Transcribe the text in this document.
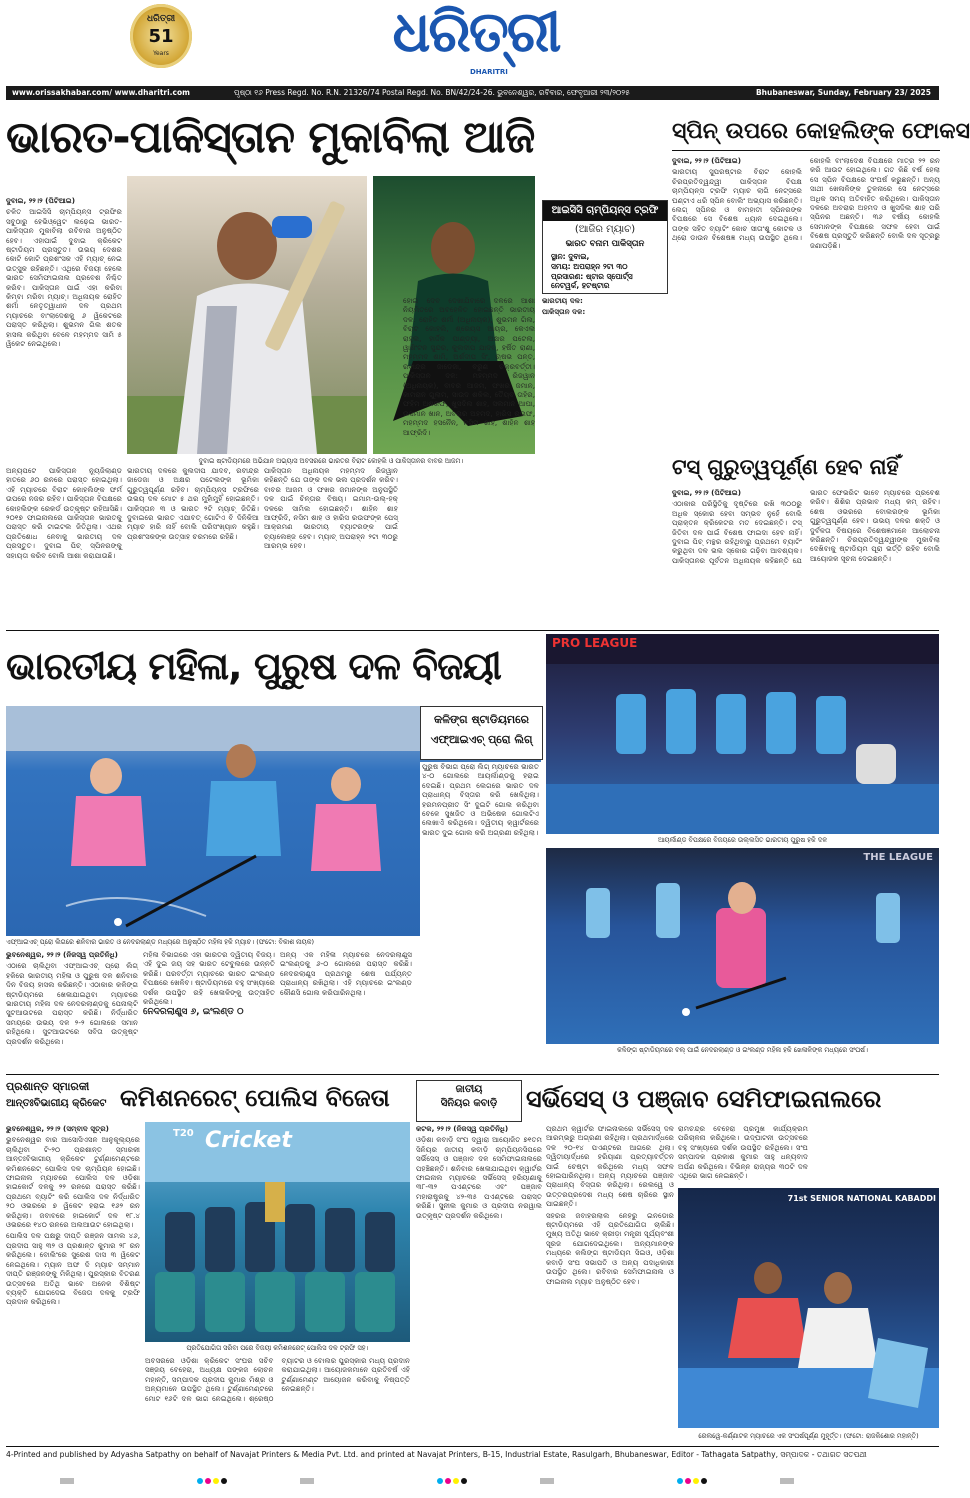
ଧରିତ୍ରୀ
51
Years	ଧରିତ୍ରୀ
DHARITRI
www.orissakhabar.com/ www.dharitri.com	ପୃଷ୍ଠା ୧୬ Press Regd. No. R.N. 21326/74 Postal Regd. No. BN/42/24-26. ଭୁବନେଶ୍ୱର, ରବିବାର, ଫେବୃଆରୀ ୨୩/୨୦୨୫	Bhubaneswar, Sunday, February 23/ 2025
ଭାରତ-ପାକିସ୍ତାନ ମୁକାବିଲା ଆଜି

ଦୁବାଇ, ୨୨।୨ (ପିଟିଆଇ)

ଚଳିତ ଆଇସିସି ଚାମ୍ପିୟନ୍ସ ଟ୍ରଫିର ସବୁଠାରୁ ହେଭିଓ୍ୱେଟ ଲଢ଼େଇ ଭାରତ-ପାକିସ୍ତାନ ମୁକାବିଲା ରବିବାର ଅନୁଷ୍ଠିତ ହେବ। ଏହାପାଇଁ ଦୁବାଇ କ୍ରିକେଟ ଷ୍ଟାଡିୟମ ପ୍ରସ୍ତୁତ। ଉଭୟ ଦେଶର କୋଟି କୋଟି ପ୍ରଶଂସକ ଏହି ମ୍ୟାଚ୍ ନେଇ ଉତ୍ସୁକ ରହିଛନ୍ତି। ଏଥିରେ ବିଜୟୀ ହେଲେ ଭାରତ ସେମିଫାଇନାଲ ପ୍ରବେଶ ନିଶ୍ଚିତ କରିବ। ପାକିସ୍ତାନ ପାଇଁ ଏହା କରିବା କିମ୍ବା ମରିବା ମ୍ୟାଚ୍। ଅଧିନାୟକ ରୋହିତ ଶର୍ମା ନେତୃତ୍ୱାଧୀନ ଦଳ ପ୍ରଥମ ମ୍ୟାଚରେ ବାଂଲାଦେଶକୁ ୬ ୱିକେଟରେ ପରାସ୍ତ କରିଥିଲା। ଶୁଭମନ ଗିଲ ଶତକ ହାସଲ କରିଥିବା ବେଳେ ମହମ୍ମଦ ସାମି ୫ ୱିକେଟ ନେଇଥିଲେ।

ଦୁବାଇ ଷ୍ଟାଡିୟମରେ ଅଭିଯାନ ଅଭ୍ୟାସ ଅବସରରେ ଭାରତର ବିରାଟ କୋହଲି ଓ ପାକିସ୍ତାନର ବାବର ଆଜମ।
ଆଇସିସି ଚାମ୍ପିୟନ୍ସ ଟ୍ରଫି
(ଆଜିର ମ୍ୟାଚ)
ଭାରତ ବନାମ ପାକିସ୍ତାନ
ସ୍ଥାନ: ଦୁବାଇ,
ସମୟ: ଅପରାହ୍ନ ୨ଟା ୩୦
ପ୍ରସାରଣ: ଷ୍ଟାର ସ୍ପୋର୍ଟ୍ସ ନେଟୱର୍କ, ହଟଷ୍ଟାର

ଅନ୍ୟପଟେ ପାକିସ୍ତାନ ନ୍ୟୁଜିଲାଣ୍ଡ ହାତରେ ୬୦ ରନରେ ପରାସ୍ତ ହୋଇଥିଲା। ଏହି ମ୍ୟାଚରେ ବିରାଟ କୋହଲିଙ୍କ ଫର୍ମ ଉପରେ ନଜର ରହିବ। ପାକିସ୍ତାନ ବିପକ୍ଷରେ କୋହଲିଙ୍କ ରେକର୍ଡ ଉତ୍କୃଷ୍ଟ ରହିଆସିଛି। ୨୦୧୭ ଫାଇନାଲରେ ପାକିସ୍ତାନ ଭାରତକୁ ପରାସ୍ତ କରି ଟାଇଟଲ ଜିତିଥିଲା। ଏଥର ପ୍ରତିଶୋଧ ନେବାକୁ ଭାରତୀୟ ଦଳ ପ୍ରସ୍ତୁତ। ଦୁବାଇ ପିଚ୍ ସ୍ପିନରଙ୍କୁ ସହାୟତା କରିବ ବୋଲି ଆଶା କରାଯାଉଛି।

ଭାରତୀୟ ଦଳରେ କୁଲଦୀପ ଯାଦବ, ରବୀନ୍ଦ୍ର ଜାଡେଜା ଓ ଅକ୍ଷର ପଟେଲଙ୍କ ଭୂମିକା ଗୁରୁତ୍ୱପୂର୍ଣ୍ଣ ରହିବ। ଚାମ୍ପିୟନ୍ସ ଟ୍ରଫିରେ ଉଭୟ ଦଳ ମୋଟ ୫ ଥର ମୁହାଁମୁହିଁ ହୋଇଛନ୍ତି। ପାକିସ୍ତାନ ୩ ଓ ଭାରତ ୨ଟି ମ୍ୟାଚ୍ ଜିତିଛି। ଦୁବାଇରେ ଭାରତ ଏଯାବତ୍ ଗୋଟିଏ ବି ଦିନିକିଆ ମ୍ୟାଚ ହାରି ନାହିଁ ବୋଲି ପରିସଂଖ୍ୟାନ କହୁଛି। ପ୍ରଶଂସକଙ୍କ ଉତ୍ସାହ ଚରମରେ ରହିଛି।

ପାକିସ୍ତାନ ଅଧିନାୟକ ମହମ୍ମଦ ରିଜୱାନ କହିଛନ୍ତି ଯେ ତାଙ୍କ ଦଳ ଭଲ ପ୍ରଦର୍ଶନ କରିବ। ବାବର ଆଜମ ଓ ଫଖର ଜମାନଙ୍କ ଅନୁପସ୍ଥିତି ଦଳ ପାଇଁ ଚିନ୍ତାର ବିଷୟ। ଇମାମ-ଉଲ୍-ହକ୍ ଦଳରେ ସାମିଲ ହୋଇଛନ୍ତି। ଶାହିନ ଶାହ ଆଫ୍ରିଦି, ନସିମ ଶାହ ଓ ହାରିସ ରଉଫଙ୍କ ପେସ୍ ଆକ୍ରମଣ ଭାରତୀୟ ବ୍ୟାଟରଙ୍କ ପାଇଁ ଚ୍ୟାଲେଞ୍ଜ ହେବ। ମ୍ୟାଚ୍ ଅପରାହ୍ନ ୨ଟା ୩୦ରୁ ଆରମ୍ଭ ହେବ।

ହୋଇ ଦେବ ଦେଖାଯିବାରେ ଦଳରେ ଆଶା ନିୟମିତରେ ଅବହେଳିତ ହୋଇଛନ୍ତି ଭାରତୀୟ ଦଳ: ରୋହିତ ଶର୍ମା (ଅଧିନାୟକ), ଶୁଭମନ ଗିଲ, ବିରାଟ କୋହଲି, ଶ୍ରେୟସ ଆୟର, କେଏଲ ରାହୁଲ, ହାର୍ଦ୍ଦିକ ପାଣ୍ଡ୍ୟା, ଅକ୍ଷର ପଟେଲ, ୱାଶିଂଟନ ସୁନ୍ଦର, କୁଲଦୀପ ଯାଦବ, ହର୍ଷିତ ରାଣା, ମହମ୍ମଦ ଶାମି, ଅର୍ଶଦୀପ ସିଂ, ଋଷଭ ପନ୍ତ, ରବୀନ୍ଦ୍ର ଜାଡେଜା, ବରୁଣ ଚକ୍ରବର୍ତ୍ତୀ। ପାକିସ୍ତାନ ଦଳ: ମହମ୍ମଦ ରିଜୱାନ (ଅଧିନାୟକ), ବାବର ଆଜମ, ଫଖର ଜମାନ, କାମରାନ ଗୁଲାମ, ସାଉଦ ଶକିଲ, ତୈୟବ ତାହିର, ଫହିମ ଅଶରଫ, ଖୁସଦିଲ ଶାହ, ସଲମାନ ଆଘା, ଉସମାନ ଖାନ, ଅବରାର ଅହମଦ, ହାରିସ ରଉଫ, ମହମ୍ମଦ ହସନୈନ, ନସିମ ଶାହ, ଶାହିନ ଶାହ ଆଫ୍ରିଦି।

ଭାରତୀୟ ଦଳ:

ପାକିସ୍ତାନ ଦଳ:

ସ୍ପିନ୍ ଉପରେ କୋହଲିଙ୍କ ଫୋକସ

ଦୁବାଇ, ୨୨।୨ (ପିଟିଆଇ)

ଭାରତୀୟ ସୁପରଷ୍ଟାର ବିରାଟ କୋହଲି ଚିରପ୍ରତିଦ୍ୱନ୍ଦ୍ୱୀ ପାକିସ୍ତାନ ବିପକ୍ଷ ଚାମ୍ପିୟନ୍ସ ଟ୍ରଫି ମ୍ୟାଚ ଲାଗି ନେଟ୍ସରେ ଘଣ୍ଟାଏ ଧରି ସ୍ପିନ ବୋଲିଂ ଅଭ୍ୟାସ କରିଛନ୍ତି। ଲେଗ୍ ସ୍ପିନର ଓ ବାମହାତୀ ସ୍ପିନରଙ୍କ ବିପକ୍ଷରେ ସେ ବିଶେଷ ଧ୍ୟାନ ଦେଇଥିଲେ। ତାଙ୍କ ସହିତ ବ୍ୟାଟିଂ କୋଚ ସୀତାଂଶୁ କୋଟକ ଓ ଥ୍ରୋ ଡାଉନ ବିଶେଷଜ୍ଞ ମଧ୍ୟ ଉପସ୍ଥିତ ଥିଲେ। କୋହଲି ବାଂଲାଦେଶ ବିପକ୍ଷରେ ମାତ୍ର ୨୨ ରନ କରି ଆଉଟ ହୋଇଥିଲେ। ଗତ କିଛି ବର୍ଷ ହେଲା ସେ ସ୍ପିନ ବିପକ୍ଷରେ ସଂଘର୍ଷ କରୁଛନ୍ତି। ଅନ୍ୟ ସାଥୀ ଖେଳାଳିଙ୍କ ତୁଳନାରେ ସେ ନେଟ୍ସରେ ଅଧିକ ସମୟ ଅତିବାହିତ କରିଥିଲେ। ପାକିସ୍ତାନ ଦଳରେ ଅବରାର ଅହମଦ ଓ ଖୁସଦିଲ ଶାହ ପରି ସ୍ପିନର ଅଛନ୍ତି। ୩୬ ବର୍ଷୀୟ କୋହଲି ସେମାନଙ୍କ ବିପକ୍ଷରେ ସଫଳ ହେବା ପାଇଁ ବିଶେଷ ପ୍ରସ୍ତୁତି କରିଛନ୍ତି ବୋଲି ଦଳ ସୂତ୍ରରୁ ଜଣାପଡ଼ିଛି।

ଟସ୍ ଗୁରୁତ୍ୱପୂର୍ଣ୍ଣ ହେବ ନାହିଁ

ଦୁବାଇ, ୨୨।୨ (ପିଟିଆଇ)

ଏଠାକାର ପରିସ୍ଥିତିକୁ ଦୃଷ୍ଟିରେ ରଖି ୩୦୦ରୁ ଅଧିକ ସ୍କୋର ହେବା ସମ୍ଭବ ନୁହେଁ ବୋଲି ପ୍ରାକ୍ତନ କ୍ରିକେଟର ମତ ଦେଇଛନ୍ତି। ଟସ୍ ଜିତିବା ଦଳ ପାଇଁ ବିଶେଷ ଫାଇଦା ହେବ ନାହିଁ। ଦୁବାଇ ପିଚ୍ ମନ୍ଥର ରହିଥିବାରୁ ପ୍ରଥମେ ବ୍ୟାଟିଂ କରୁଥିବା ଦଳ ଭଲ ସ୍କୋର ଗଢ଼ିବା ଆବଶ୍ୟକ। ପାକିସ୍ତାନର ପୂର୍ବତନ ଅଧିନାୟକ କହିଛନ୍ତି ଯେ ଭାରତ ଫେଭରିଟ ଭାବେ ମ୍ୟାଚରେ ପ୍ରବେଶ କରିବ। ଶିଶିର ପ୍ରଭାବ ମଧ୍ୟ କମ୍ ରହିବ। ଶେଷ ଓଭରରେ ବୋଲରଙ୍କ ଭୂମିକା ଗୁରୁତ୍ୱପୂର୍ଣ୍ଣ ହେବ। ଉଭୟ ଦଳର ଶକ୍ତି ଓ ଦୁର୍ବଳତା ବିଷୟରେ ବିଶେଷଜ୍ଞମାନେ ଆଲୋଚନା କରିଛନ୍ତି। ଚିରପ୍ରତିଦ୍ୱନ୍ଦ୍ୱୀଙ୍କ ମୁକାବିଲା ଦେଖିବାକୁ ଷ୍ଟାଡିୟମ ପୂରା ଭର୍ତ୍ତି ରହିବ ବୋଲି ଆୟୋଜକ ସୂଚନା ଦେଇଛନ୍ତି।

ଭାରତୀୟ ମହିଳା, ପୁରୁଷ ଦଳ ବିଜୟୀ
କଳିଙ୍ଗ ଷ୍ଟାଡିୟମରେ
ଏଫ୍ଆଇଏଚ୍ ପ୍ରୋ ଲିଗ୍

ପୁରୁଷ ବିଭାଗ ପ୍ରୋ ଲିଗ୍ ମ୍ୟାଚରେ ଭାରତ ୪-୦ ଗୋଲରେ ଆୟର୍ଲାଣ୍ଡକୁ ହରାଇ ଦେଇଛି। ପ୍ରଥମ ଲେଗରେ ଭାରତ ଦଳ ପ୍ରାଧାନ୍ୟ ବିସ୍ତାର କରି ଖେଳିଥିଲା। ହରମନପ୍ରୀତ ସିଂ ଦୁଇଟି ଗୋଲ କରିଥିବା ବେଳେ ସୁଖଜିତ ଓ ଅଭିଷେକ ଗୋଲଟିଏ ଲେଖାଏଁ କରିଥିଲେ। ଦ୍ୱିତୀୟ କ୍ୱାର୍ଟରରେ ଭାରତ ଦୁଇ ଗୋଲ କରି ଅଗ୍ରଣୀ ରହିଥିଲା।

ଏଫ୍ଆଇଏଚ୍ ପ୍ରୋ ଲିଗରେ ଶନିବାର ଭାରତ ଓ ନେଦରଲାଣ୍ଡ ମଧ୍ୟରେ ଅନୁଷ୍ଠିତ ମହିଳା ହକି ମ୍ୟାଚ। (ଫଟୋ: ବିକାଶ ନାୟକ)

ଭୁବନେଶ୍ୱର, ୨୨।୨ (ନିଜସ୍ୱ ପ୍ରତିନିଧି)

ଏଠାରେ ଚାଲିଥିବା ଏଫ୍ଆଇଏଚ୍ ପ୍ରୋ ଲିଗ୍ ହକିରେ ଭାରତୀୟ ମହିଳା ଓ ପୁରୁଷ ଦଳ ଶନିବାର ଦିନ ବିଜୟ ହାସଲ କରିଛନ୍ତି। ଏଠାକାର କଳିଙ୍ଗ ଷ୍ଟାଡିୟମରେ ଖେଳାଯାଇଥିବା ମ୍ୟାଚରେ ଭାରତୀୟ ମହିଳା ଦଳ ନେଦରଲାଣ୍ଡକୁ ପେନାଲ୍ଟି ସୁଟଆଉଟରେ ପରାସ୍ତ କରିଛି। ନିର୍ଦ୍ଧାରିତ ସମୟରେ ଉଭୟ ଦଳ ୨-୨ ଗୋଲରେ ସମାନ ରହିଥିଲେ। ସୁଟଆଉଟରେ ସବିତା ଉତ୍କୃଷ୍ଟ ପ୍ରଦର୍ଶନ କରିଥିଲେ।

ମହିଳା ବିଭାଗରେ ଏହା ଭାରତର ଦ୍ୱିତୀୟ ବିଜୟ। ଏହି ଦୁଇ ଜୟ ସହ ଭାରତ ଟେବୁଲରେ ଉନ୍ନତି କରିଛି। ପରବର୍ତ୍ତୀ ମ୍ୟାଚରେ ଭାରତ ଇଂଲଣ୍ଡ ବିପକ୍ଷରେ ଖେଳିବ। ଷ୍ଟାଡିୟମରେ ବହୁ ସଂଖ୍ୟାରେ ଦର୍ଶକ ଉପସ୍ଥିତ ରହି ଖେଳାଳିଙ୍କୁ ଉତ୍ସାହିତ କରିଥିଲେ।

ନେଦରଲାଣ୍ଡ୍ସ ୬, ଇଂଲଣ୍ଡ ୦

ଅନ୍ୟ ଏକ ମହିଳା ମ୍ୟାଚରେ ନେଦରଲାଣ୍ଡ୍ସ ଇଂଲଣ୍ଡକୁ ୬-୦ ଗୋଲରେ ପରାସ୍ତ କରିଛି। ନେଦରଲାଣ୍ଡ୍ସ ପ୍ରଥମରୁ ଶେଷ ପର୍ଯ୍ୟନ୍ତ ପ୍ରାଧାନ୍ୟ ରଖିଥିଲା। ଏହି ମ୍ୟାଚରେ ଇଂଲଣ୍ଡ କୌଣସି ଗୋଲ କରିପାରିନଥିଲା।

PRO LEAGUE
ଆୟର୍ଲାଣ୍ଡ ବିପକ୍ଷରେ ବିଜୟରେ ଉଲ୍ଲସିତ ଭାରତୀୟ ପୁରୁଷ ହକି ଦଳ
THE LEAGUE
କଳିଙ୍ଗ ଷ୍ଟାଡିୟମରେ ବଲ୍ ପାଇଁ ନେଦରଲାଣ୍ଡ ଓ ଇଂଲଣ୍ଡ ମହିଳା ହକି ଖେଳାଳିଙ୍କ ମଧ୍ୟରେ ସଂଘର୍ଷ।
ପ୍ରଶାନ୍ତ ସ୍ମାରକୀ
ଆନ୍ତଃବିଭାଗୀୟ କ୍ରିକେଟ କମିଶନରେଟ୍ ପୋଲିସ ବିଜେତା

ଭୁବନେଶ୍ୱର, ୨୨।୨ (ସମ୍ବାଦ ସୂତ୍ର)

ଭୁବନେଶ୍ୱର ବାର ଆସୋସିଏସନ ଆନୁକୂଲ୍ୟରେ ଚାଲିଥିବା ଟି-୨୦ ପ୍ରଶାନ୍ତ ସ୍ମାରକୀ ଆନ୍ତଃବିଭାଗୀୟ କ୍ରିକେଟ ଟୁର୍ଣ୍ଣାମେଣ୍ଟରେ କମିଶନରେଟ୍ ପୋଲିସ ଦଳ ଚାମ୍ପିୟନ ହୋଇଛି। ଫାଇନାଲ ମ୍ୟାଚରେ ପୋଲିସ ଦଳ ଓଡ଼ିଶା ହାଇକୋର୍ଟ ଦଳକୁ ୨୨ ରନରେ ପରାସ୍ତ କରିଛି। ପ୍ରଥମେ ବ୍ୟାଟିଂ କରି ପୋଲିସ ଦଳ ନିର୍ଦ୍ଧାରିତ ୨୦ ଓଭରରେ ୭ ୱିକେଟ ହରାଇ ୧୬୨ ରନ କରିଥିଲା। ଜବାବରେ ହାଇକୋର୍ଟ ଦଳ ୧୮.୪ ଓଭରରେ ୧୪୦ ରନରେ ଅଲଆଉଟ ହୋଇଥିଲା।

ପୋଲିସ ଦଳ ପକ୍ଷରୁ ଦୀପ୍ତି ରଞ୍ଜନ ସାମଲ ୪୬, ପ୍ରଦୀପ ସାହୁ ୩୨ ଓ ପ୍ରଶାନ୍ତ କୁମାର ୨୮ ରନ କରିଥିଲେ। ବୋଲିଂରେ ସୁରେଶ ଦାସ ୩ ୱିକେଟ ନେଇଥିଲେ। ମ୍ୟାନ ଅଫ ଦି ମ୍ୟାଚ ସମ୍ମାନ ଦୀପ୍ତି ରଞ୍ଜନଙ୍କୁ ମିଳିଥିଲା। ପୁରସ୍କାର ବିତରଣ ଉତ୍ସବରେ ଅତିଥି ଭାବେ ଅନେକ ବିଶିଷ୍ଟ ବ୍ୟକ୍ତି ଯୋଗଦେଇ ବିଜେତା ଦଳକୁ ଟ୍ରଫି ପ୍ରଦାନ କରିଥିଲେ।

Cricket
T20
ପ୍ରତିଯୋଗିତା ସରିବା ପରେ ବିଜୟୀ କମିଶନରେଟ୍ ପୋଲିସ ଦଳ ଟ୍ରଫି ସହ।

ଅବସରରେ ଓଡ଼ିଶା କ୍ରିକେଟ ସଂଘର ସଚିବ ସଞ୍ଜୟ ବେହେରା, ଅଧ୍ୟକ୍ଷ ପଙ୍କଜ ଲୋଚନ ମହାନ୍ତି, ସମ୍ପାଦକ ପ୍ରଦୀପ କୁମାର ମିଶ୍ର ଓ ଅନ୍ୟମାନେ ଉପସ୍ଥିତ ଥିଲେ। ଟୁର୍ଣ୍ଣାମେଣ୍ଟରେ ମୋଟ ୧୬ଟି ଦଳ ଭାଗ ନେଇଥିଲେ। ଶ୍ରେଷ୍ଠ ବ୍ୟାଟର ଓ ବୋଲର ପୁରସ୍କାର ମଧ୍ୟ ପ୍ରଦାନ କରାଯାଇଥିଲା। ଆୟୋଜକମାନେ ପ୍ରତିବର୍ଷ ଏହି ଟୁର୍ଣ୍ଣାମେଣ୍ଟ ଆୟୋଜନ କରିବାକୁ ନିଷ୍ପତ୍ତି ନେଇଛନ୍ତି।

ଜାତୀୟ
ସିନିୟର କବାଡ଼ି	ସର୍ଭିସେସ୍ ଓ ପଞ୍ଜାବ ସେମିଫାଇନାଲରେ

କଟକ, ୨୨।୨ (ନିଜସ୍ୱ ପ୍ରତିନିଧି)

ଓଡ଼ିଶା କବାଡ଼ି ସଂଘ ଦ୍ୱାରା ଆୟୋଜିତ ୭୧ତମ ସିନିୟର ଜାତୀୟ କବାଡ଼ି ଚାମ୍ପିୟନସିପରେ ସର୍ଭିସେସ୍ ଓ ପଞ୍ଜାବ ଦଳ ସେମିଫାଇନାଲରେ ପହଞ୍ଚିଛନ୍ତି। ଶନିବାର ଖେଳାଯାଇଥିବା କ୍ୱାର୍ଟର ଫାଇନାଲ ମ୍ୟାଚରେ ସର୍ଭିସେସ୍ ହରିୟାଣାକୁ ୩୮-୩୨ ପଏଣ୍ଟରେ ଏବଂ ପଞ୍ଜାବ ମହାରାଷ୍ଟ୍ରକୁ ୪୨-୩୫ ପଏଣ୍ଟରେ ପରାସ୍ତ କରିଛି। ସୁନୀଲ କୁମାର ଓ ପ୍ରଦୀପ ନରୱାଲ ଉତ୍କୃଷ୍ଟ ପ୍ରଦର୍ଶନ କରିଥିଲେ।

ପ୍ରଥମ କ୍ୱାର୍ଟର ଫାଇନାଲରେ ସର୍ଭିସେସ୍ ଦଳ ଆରମ୍ଭରୁ ଅଗ୍ରଣୀ ରହିଥିଲା। ପ୍ରଥମାର୍ଦ୍ଧରେ ଦଳ ୨୦-୧୪ ପଏଣ୍ଟରେ ଆଗରେ ଥିଲା। ଦ୍ୱିତୀୟାର୍ଦ୍ଧରେ ହରିୟାଣା ପ୍ରତ୍ୟାବର୍ତ୍ତନ ପାଇଁ ଚେଷ୍ଟା କରିଥିଲେ ମଧ୍ୟ ସଫଳ ହୋଇପାରିନଥିଲା। ଅନ୍ୟ ମ୍ୟାଚରେ ପଞ୍ଜାବ ପ୍ରାଧାନ୍ୟ ବିସ୍ତାର କରିଥିଲା। ରେଲୱେ ଓ ଉତ୍ତରପ୍ରଦେଶ ମଧ୍ୟ ଶେଷ ଚାରିରେ ସ୍ଥାନ ପାଇଛନ୍ତି।

ସହରର ଜବାହରଲାଲ ନେହରୁ ଇନଡୋର ଷ୍ଟାଡିୟମରେ ଏହି ପ୍ରତିଯୋଗିତା ଚାଲିଛି। ମୁଖ୍ୟ ଅତିଥି ଭାବେ କ୍ରୀଡ଼ା ମନ୍ତ୍ରୀ ସୂର୍ଯ୍ୟବଂଶୀ ସୂରଜ ଯୋଗଦେଇଥିଲେ। ଅନ୍ୟମାନଙ୍କ ମଧ୍ୟରେ କଲିଙ୍ଗ ଷ୍ଟାଡିୟମ ସିଇଓ, ଓଡ଼ିଶା କବାଡ଼ି ସଂଘ ସଭାପତି ଓ ଅନ୍ୟ ପଦାଧିକାରୀ ଉପସ୍ଥିତ ଥିଲେ। ରବିବାର ସେମିଫାଇନାଲ ଓ ଫାଇନାଲ ମ୍ୟାଚ ଅନୁଷ୍ଠିତ ହେବ।

ରାମଚନ୍ଦ୍ର ବେହେରା ପ୍ରମୁଖ କାର୍ଯ୍ୟକ୍ରମ ପରିଚାଳନା କରିଥିଲେ। ଉଦ୍‌ଘାଟନୀ ଉତ୍ସବରେ ବହୁ ସଂଖ୍ୟାରେ ଦର୍ଶକ ଉପସ୍ଥିତ ରହିଥିଲେ। ସଂଘ ସମ୍ପାଦକ ପ୍ରକାଶ କୁମାର ସାହୁ ଧନ୍ୟବାଦ ଅର୍ପଣ କରିଥିଲେ। ବିଭିନ୍ନ ରାଜ୍ୟର ୩୦ଟି ଦଳ ଏଥିରେ ଭାଗ ନେଇଛନ୍ତି।

71st SENIOR NATIONAL KABADDI
ରେଲୱେ-କର୍ଣ୍ଣାଟକ ମ୍ୟାଚରେ ଏକ ସଂଘର୍ଷପୂର୍ଣ୍ଣ ମୁହୂର୍ତ୍ତ। (ଫଟୋ: ରାଜକିଶୋର ମହାନ୍ତି)
4-Printed and published by Adyasha Satpathy on behalf of Navajat Printers & Media Pvt. Ltd. and printed at Navajat Printers, B-15, Industrial Estate, Rasulgarh, Bhubaneswar, Editor - Tathagata Satpathy, ସମ୍ପାଦକ - ତଥାଗତ ସତପଥୀ
